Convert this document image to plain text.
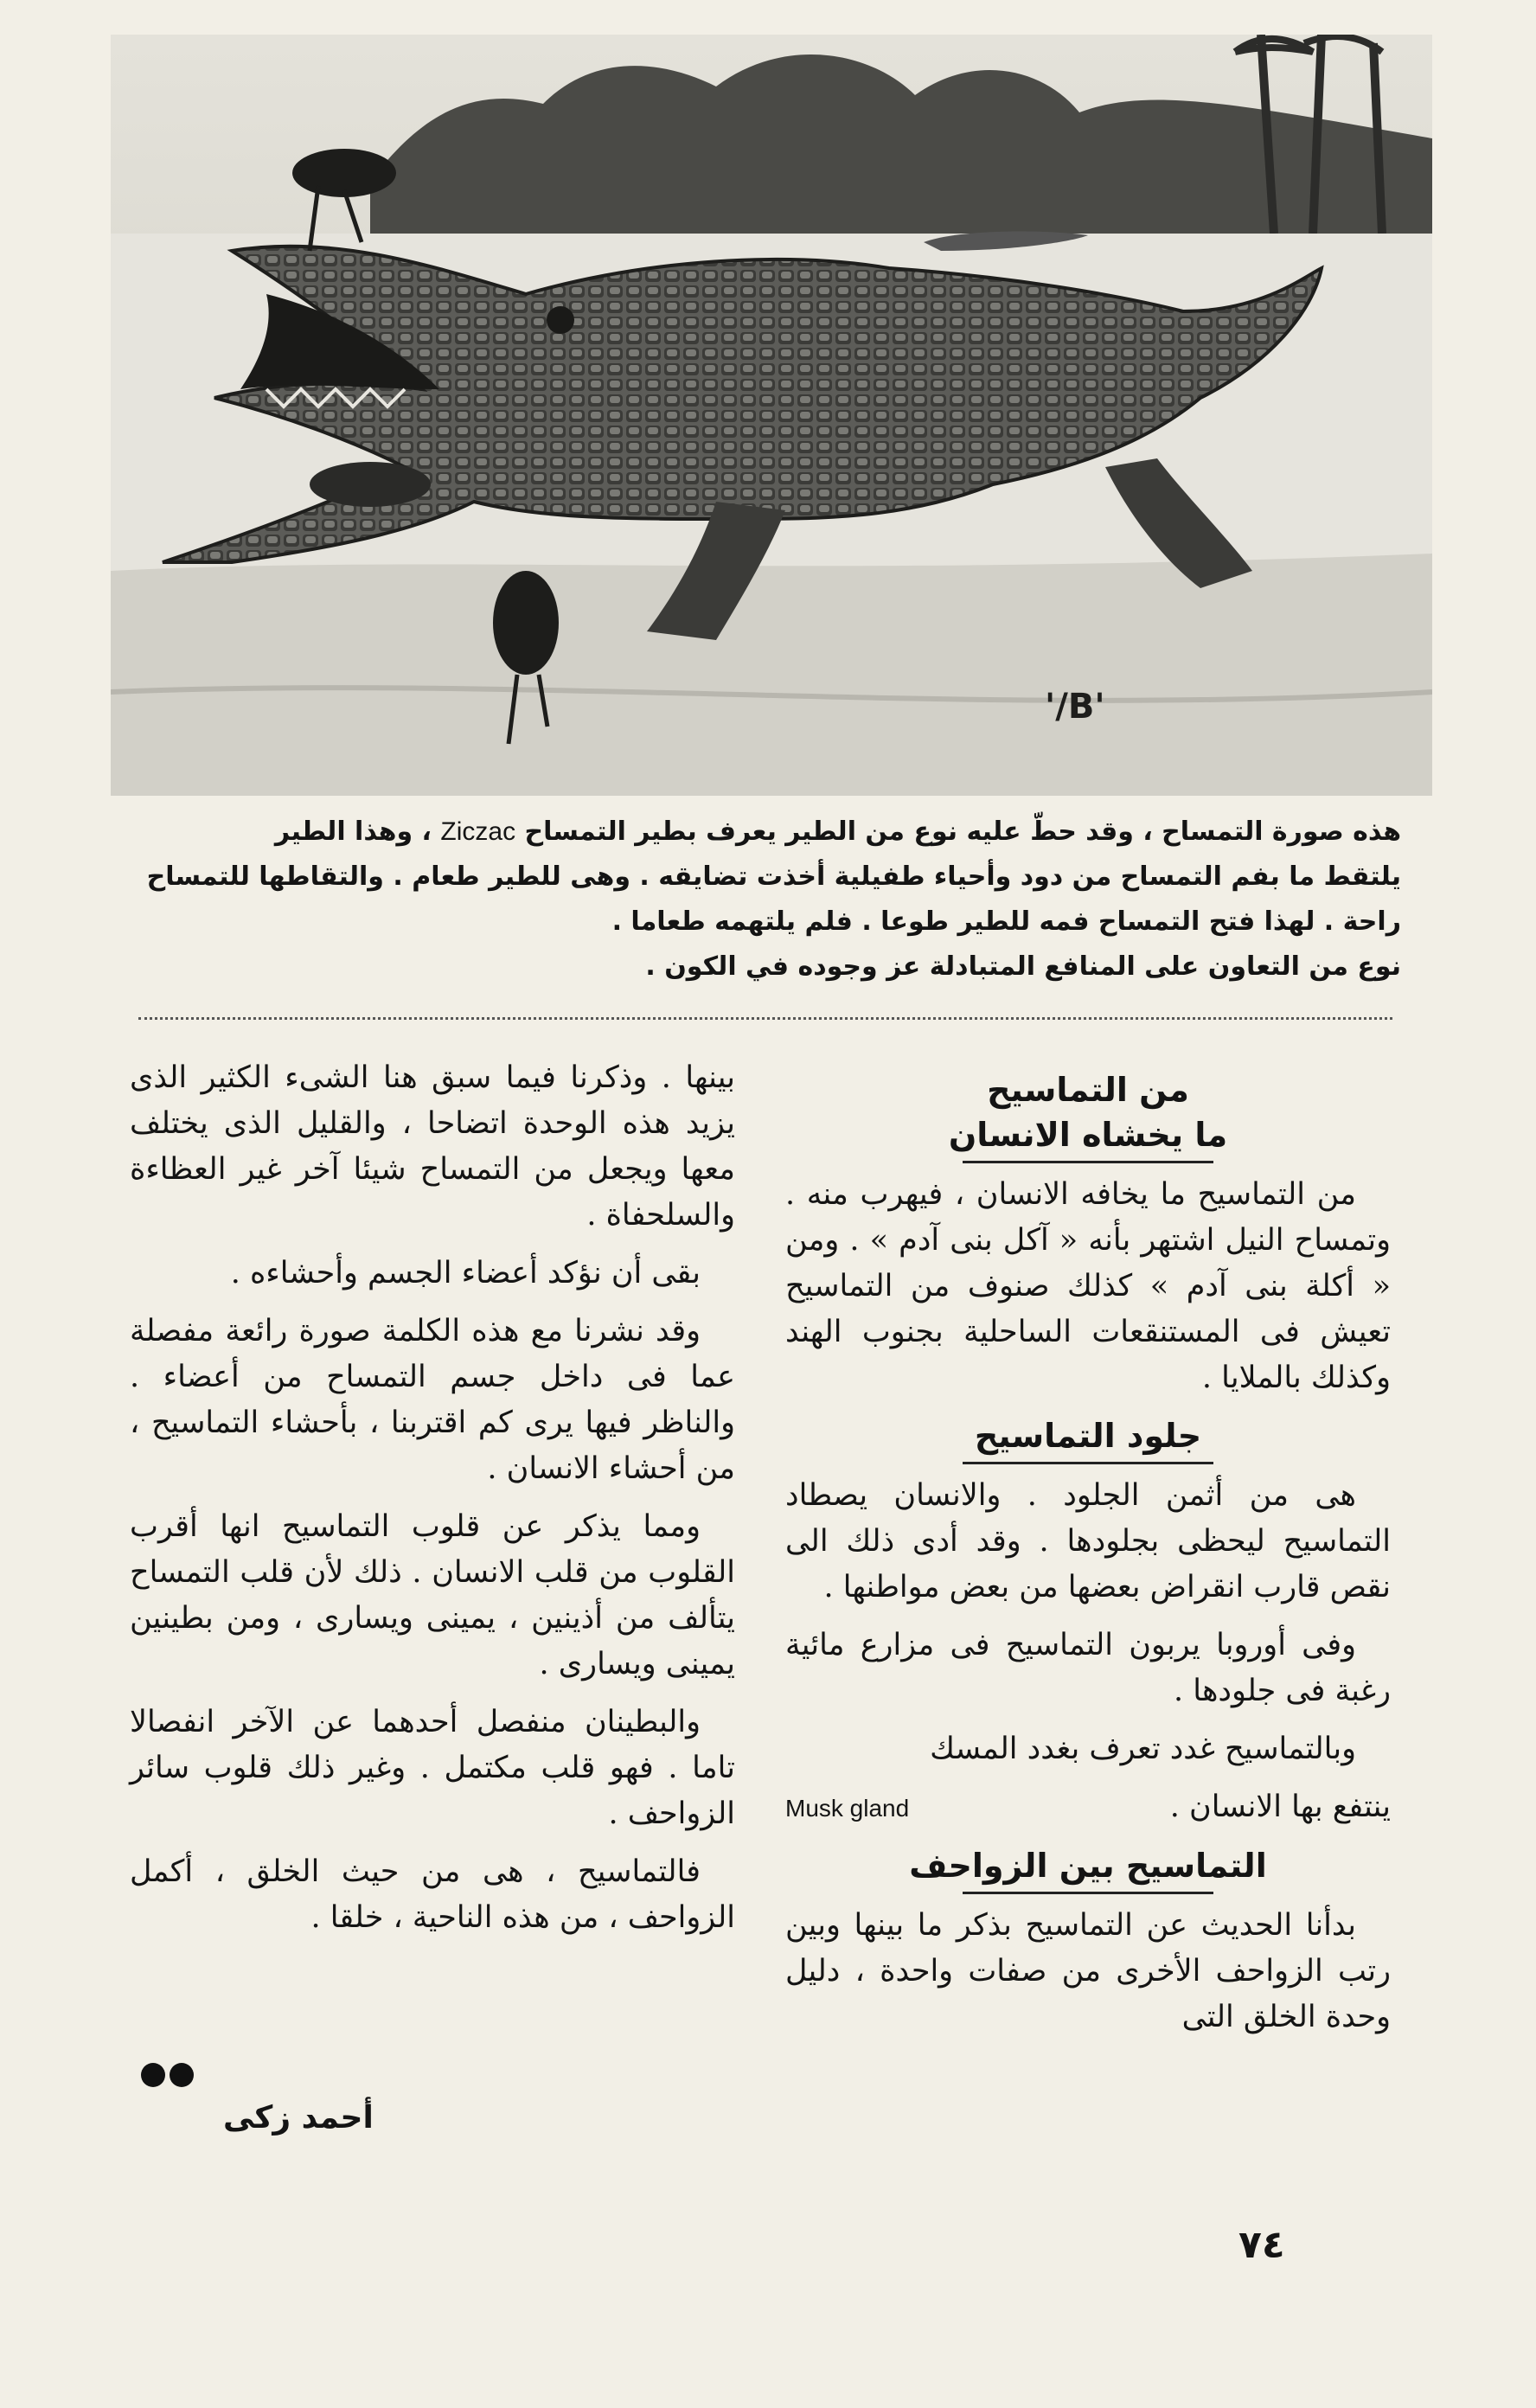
'/B'

هذه صورة التمساح ، وقد حطّ عليه نوع من الطير يعرف بطير التمساح Ziczac ، وهذا الطير

يلتقط ما بفم التمساح من دود وأحياء طفيلية أخذت تضايقه . وهى للطير طعام . والتقاطها للتمساح

راحة . لهذا فتح التمساح فمه للطير طوعا . فلم يلتهمه طعاما .

نوع من التعاون على المنافع المتبادلة عز وجوده في الكون .

من التماسيح
ما يخشاه الانسان

من التماسيح ما يخافه الانسان ، فيهرب منه . وتمساح النيل اشتهر بأنه « آكل بنى آدم » . ومن « أكلة بنى آدم » كذلك صنوف من التماسيح تعيش فى المستنقعات الساحلية بجنوب الهند وكذلك بالملايا .

جلود التماسيح

هى من أثمن الجلود . والانسان يصطاد التماسيح ليحظى بجلودها . وقد أدى ذلك الى نقص قارب انقراض بعضها من بعض مواطنها .

وفى أوروبا يربون التماسيح فى مزارع مائية رغبة فى جلودها .

وبالتماسيح غدد تعرف بغدد المسك

ينتفع بها الانسان .
Musk gland
التماسيح بين الزواحف

بدأنا الحديث عن التماسيح بذكر ما بينها وبين رتب الزواحف الأخرى من صفات واحدة ، دليل وحدة الخلق التى

بينها . وذكرنا فيما سبق هنا الشىء الكثير الذى يزيد هذه الوحدة اتضاحا ، والقليل الذى يختلف معها ويجعل من التمساح شيئا آخر غير العظاءة والسلحفاة .

بقى أن نؤكد أعضاء الجسم وأحشاءه .

وقد نشرنا مع هذه الكلمة صورة رائعة مفصلة عما فى داخل جسم التمساح من أعضاء . والناظر فيها يرى كم اقتربنا ، بأحشاء التماسيح ، من أحشاء الانسان .

ومما يذكر عن قلوب التماسيح انها أقرب القلوب من قلب الانسان . ذلك لأن قلب التمساح يتألف من أذينين ، يمينى ويسارى ، ومن بطينين يمينى ويسارى .

والبطينان منفصل أحدهما عن الآخر انفصالا تاما . فهو قلب مكتمل . وغير ذلك قلوب سائر الزواحف .

فالتماسيح ، هى من حيث الخلق ، أكمل الزواحف ، من هذه الناحية ، خلقا .

أحمد زكى
٧٤
